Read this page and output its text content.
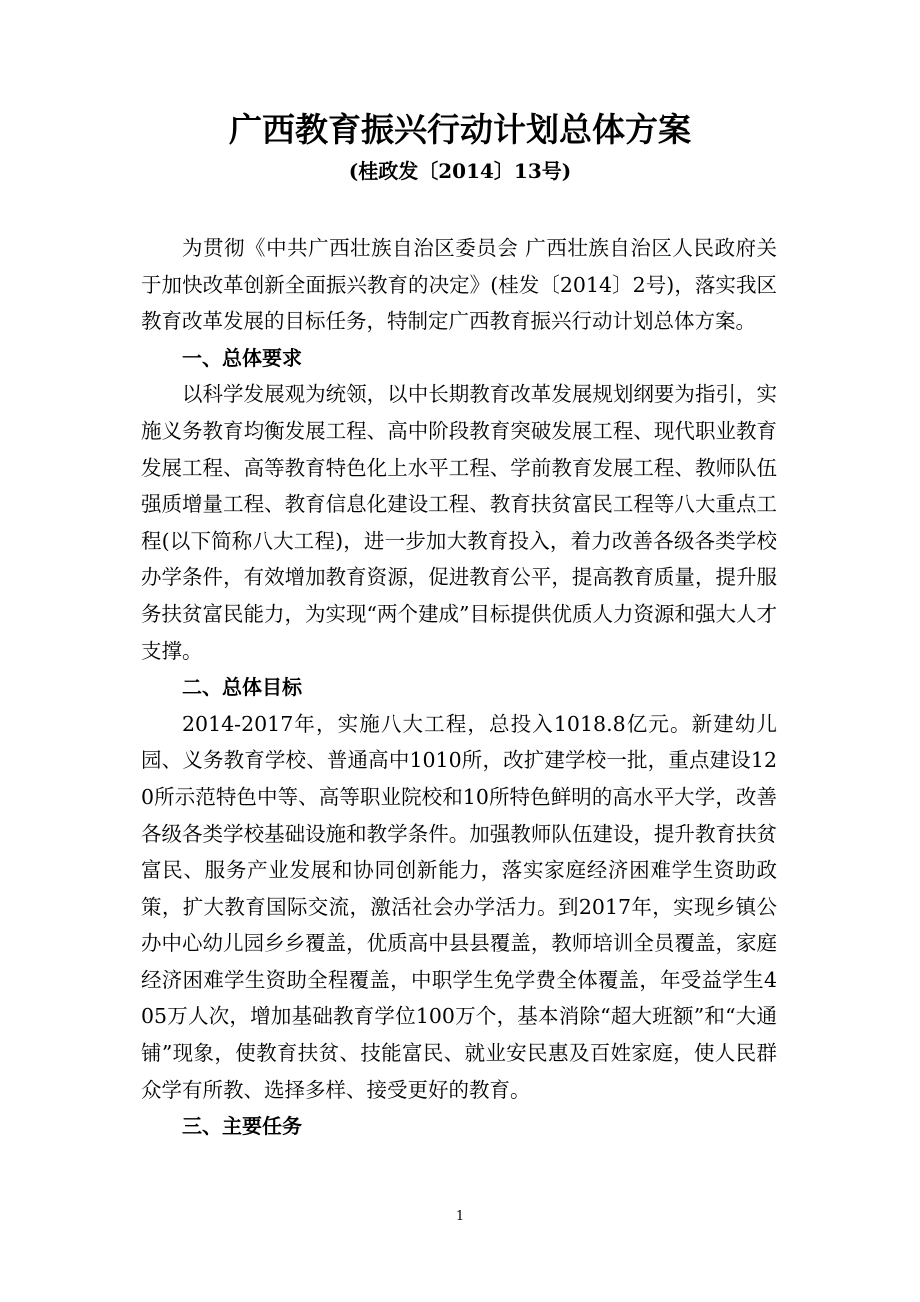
广西教育振兴行动计划总体方案
(桂政发〔2014〕13号)

为贯彻《中共广西壮族自治区委员会 广西壮族自治区人民政府关于加快改革创新全面振兴教育的决定》(桂发〔2014〕2号)，落实我区教育改革发展的目标任务，特制定广西教育振兴行动计划总体方案。

一、总体要求

以科学发展观为统领，以中长期教育改革发展规划纲要为指引，实施义务教育均衡发展工程、高中阶段教育突破发展工程、现代职业教育发展工程、高等教育特色化上水平工程、学前教育发展工程、教师队伍强质增量工程、教育信息化建设工程、教育扶贫富民工程等八大重点工程(以下简称八大工程)，进一步加大教育投入，着力改善各级各类学校办学条件，有效增加教育资源，促进教育公平，提高教育质量，提升服务扶贫富民能力，为实现“两个建成”目标提供优质人力资源和强大人才支撑。

二、总体目标

2014-2017年，实施八大工程，总投入1018.8亿元。新建幼儿园、义务教育学校、普通高中1010所，改扩建学校一批，重点建设120所示范特色中等、高等职业院校和10所特色鲜明的高水平大学，改善各级各类学校基础设施和教学条件。加强教师队伍建设，提升教育扶贫富民、服务产业发展和协同创新能力，落实家庭经济困难学生资助政策，扩大教育国际交流，激活社会办学活力。到2017年，实现乡镇公办中心幼儿园乡乡覆盖，优质高中县县覆盖，教师培训全员覆盖，家庭经济困难学生资助全程覆盖，中职学生免学费全体覆盖，年受益学生405万人次，增加基础教育学位100万个，基本消除“超大班额”和“大通铺”现象，使教育扶贫、技能富民、就业安民惠及百姓家庭，使人民群众学有所教、选择多样、接受更好的教育。

三、主要任务
1
